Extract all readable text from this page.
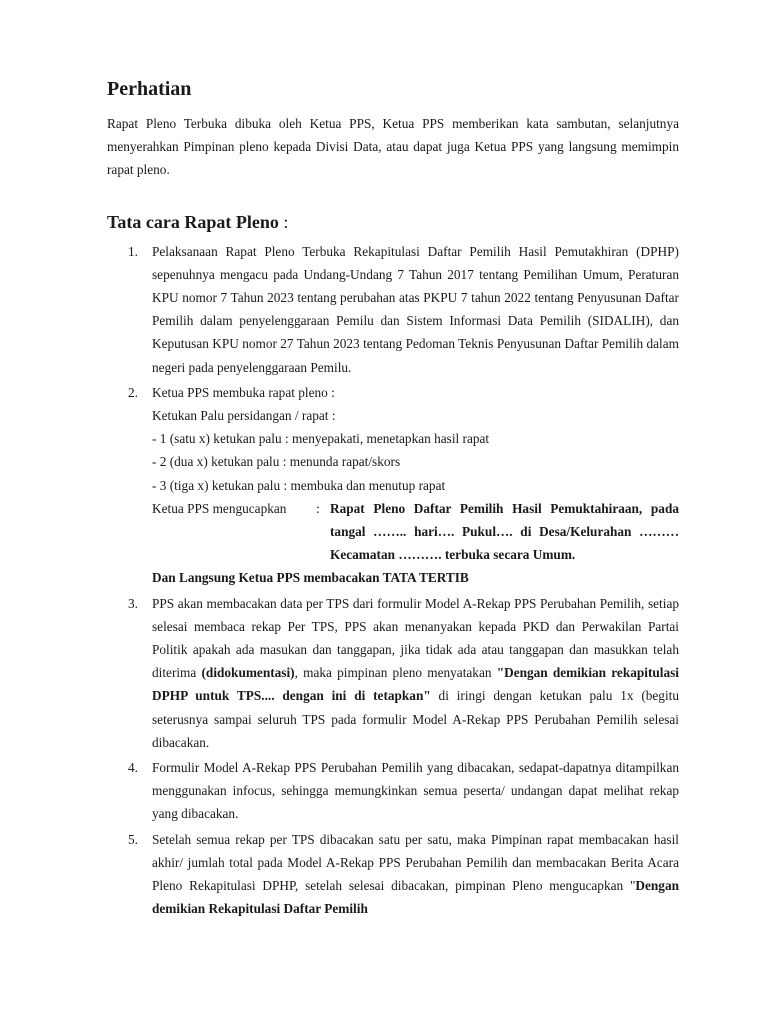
Perhatian

Rapat Pleno Terbuka dibuka oleh Ketua PPS, Ketua PPS memberikan kata sambutan, selanjutnya menyerahkan Pimpinan pleno kepada Divisi Data, atau dapat juga Ketua PPS yang langsung memimpin rapat pleno.

Tata cara Rapat Pleno :
1. Pelaksanaan Rapat Pleno Terbuka Rekapitulasi Daftar Pemilih Hasil Pemutakhiran (DPHP) sepenuhnya mengacu pada Undang-Undang 7 Tahun 2017 tentang Pemilihan Umum, Peraturan KPU nomor 7 Tahun 2023 tentang perubahan atas PKPU 7 tahun 2022 tentang Penyusunan Daftar Pemilih dalam penyelenggaraan Pemilu dan Sistem Informasi Data Pemilih (SIDALIH), dan Keputusan KPU nomor 27 Tahun 2023 tentang Pedoman Teknis Penyusunan Daftar Pemilih dalam negeri pada penyelenggaraan Pemilu.
2. Ketua PPS membuka rapat pleno :
Ketukan Palu persidangan / rapat :
- 1 (satu x) ketukan palu : menyepakati, menetapkan hasil rapat
- 2 (dua x) ketukan palu : menunda rapat/skors
- 3 (tiga x) ketukan palu : membuka dan menutup rapat
Ketua PPS mengucapkan	: Rapat Pleno Daftar Pemilih Hasil Pemuktahiraan, pada tangal …….. hari…. Pukul…. di Desa/Kelurahan ……… Kecamatan ………. terbuka secara Umum.
Dan Langsung Ketua PPS membacakan TATA TERTIB
3. PPS akan membacakan data per TPS dari formulir Model A-Rekap PPS Perubahan Pemilih, setiap selesai membaca rekap Per TPS, PPS akan menanyakan kepada PKD dan Perwakilan Partai Politik apakah ada masukan dan tanggapan, jika tidak ada atau tanggapan dan masukkan telah diterima (didokumentasi), maka pimpinan pleno menyatakan "Dengan demikian rekapitulasi DPHP untuk TPS.... dengan ini di tetapkan" di iringi dengan ketukan palu 1x (begitu seterusnya sampai seluruh TPS pada formulir Model A-Rekap PPS Perubahan Pemilih selesai dibacakan.
4. Formulir Model A-Rekap PPS Perubahan Pemilih yang dibacakan, sedapat-dapatnya ditampilkan menggunakan infocus, sehingga memungkinkan semua peserta/ undangan dapat melihat rekap yang dibacakan.
5. Setelah semua rekap per TPS dibacakan satu per satu, maka Pimpinan rapat membacakan hasil akhir/ jumlah total pada Model A-Rekap PPS Perubahan Pemilih dan membacakan Berita Acara Pleno Rekapitulasi DPHP, setelah selesai dibacakan, pimpinan Pleno mengucapkan "Dengan demikian Rekapitulasi Daftar Pemilih
